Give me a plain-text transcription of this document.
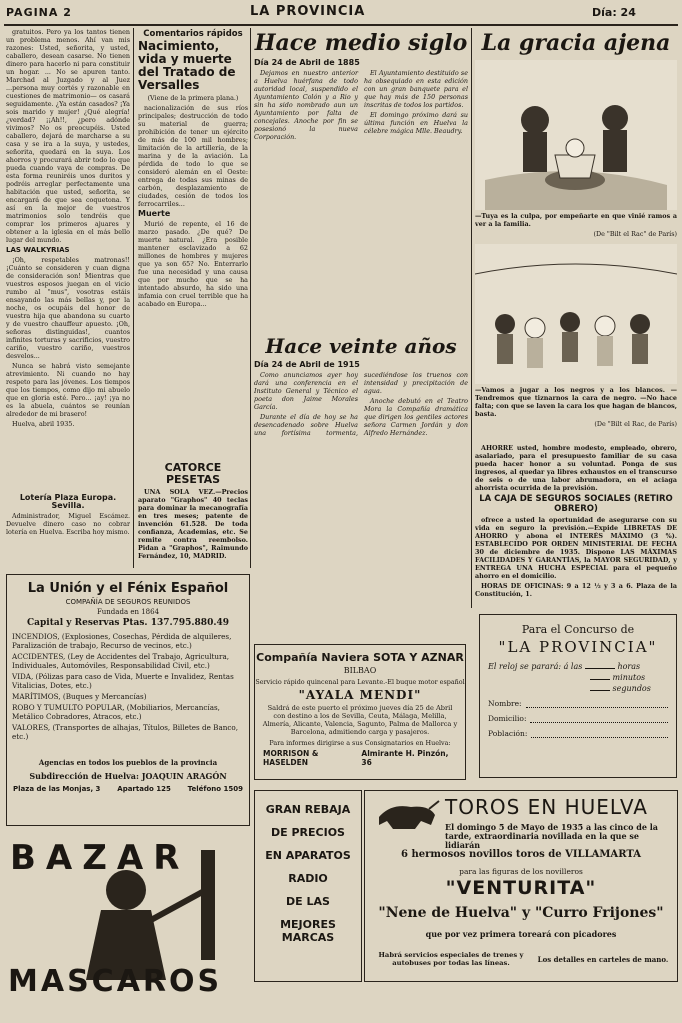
PAGINA 2	LA PROVINCIA	Día: 24

gratuitos. Pero ya los tantos tienen un problema menos. Ahí van mis razones: Usted, señorita, y usted, caballero, desean casarse. No tienen dinero para hacerlo ni para constituir un hogar. ... No se apuren tanto. Marchad al Juzgado y al Juez ...persona muy cortés y razonable en cuestiones de matrimonio— os casará seguidamente. ¿Ya están casados? ¡Ya sois marido y mujer! ¿Qué alegría! ¿verdad? ¡¡Ah!!, ¿pero adónde vivimos? No os preocupéis. Usted caballero, dejará de marcharse a su casa y se ira a la suya, y ustedes, señorita, quedará en la suya. Los ahorros y procurará abrir todo lo que pueda cuando vaya de compras. De esta forma reuniréis unos duritos y podréis arreglar perfectamente una habitación que usted, señorita, se encargará de que sea coquetona. Y así en la mejor de vuestros matrimonios solo tendréis que comprar los primeros ajuares y obtener a la iglesia en el más bello lugar del mundo.

LAS WALKYRIAS

¡Oh, respetables matronas!! ¡Cuánto se consideren y cuan digna de consideración son! Mientras que vuestros esposos juegan en el vicio rumbo al "mus", vosotras estáis ensayando las más bellas y, por la noche, os ocupáis del honor de vuestra hija que abandona su cuarto y de vuestro chauffeur apuesto. ¡Oh, señoras distinguidas!, cuantos infinites torturas y sacrificios, vuestro cariño, vuestro cariño, vuestros desvelos...

Nunca se habrá visto semejante atrevimiento. Ni cuando no hay respeto para las jóvenes. Los tiempos que los tiempos, como dijo mi abuelo que en gloria esté. Pero... ¡ay! ¡ya no es la abuela, cuántos se reunían alrededor de mi brasero!

Huelva, abril 1935.

Lotería Plaza Europa. Sevilla.

Administrador, Miguel Escámez. Devuelve dinero caso no cobrar lotería en Huelva. Escriba hoy mismo.

Comentarios rápidos
Nacimiento, vida y muerte del Tratado de Versalles

(Viene de la primera plana.)

nacionalización de sus ríos principales; destrucción de todo su material de guerra; prohibición de tener un ejército de más de 100 mil hombres; limitación de la artillería, de la marina y de la aviación. La pérdida de todo lo que se consideró alemán en el Oeste: entrega de todas sus minas de carbón, desplazamiento de ciudades, cesión de todos los ferrocarriles...

Muerte

Murió de repente, el 16 de marzo pasado. ¿De qué? De muerte natural. ¿Era posible mantener esclavizado a 62 millones de hombres y mujeres que ya son 65? No. Enterrarlo fue una necesidad y una causa que por mucho que se ha intentado absurdo, ha sido una infamia con cruel terrible que ha acabado en Europa...

CATORCE PESETAS

UNA SOLA VEZ.—Precios aparato "Graphos" 40 teclas para dominar la mecanografía en tres meses; patente de invención 61.528. De toda confianza, Academias, etc. Se remite contra reembolso. Pidan a "Graphos", Raimundo Fernández, 10, MADRID.

Hace medio siglo
Día 24 de Abril de 1885

Dejamos en nuestro anterior a Huelva huérfana de todo autoridad local, suspendido el Ayuntamiento Colón y a Rio y sin ha sido nombrado aun un Ayuntamiento por falta de concejales. Anoche por fin se posesionó la nueva Corporación.

El Ayuntamiento destituido se ha obsequiado en esta edición con un gran banquete para el que hay más de 150 personas inscritas de todos los partidos.

El domingo próximo dará su última función en Huelva la célebre mágica Mlle. Beaudry.

Hace veinte años
Día 24 de Abril de 1915

Como anunciamos ayer hoy dará una conferencia en el Instituto General y Técnico el poeta don Jaime Morales García.

Durante el día de hoy se ha desencadenado sobre Huelva una fortísima tormenta, sucediéndose los truenos con intensidad y precipitación de agua.

Anoche debutó en el Teatro Mora la Compañía dramática que dirigen los gentiles actores señora Carmen Jordán y don Alfredo Hernández.

La gracia ajena
—Tuya es la culpa, por empeñarte en que vinié ramos a ver a la familia.
(De "Bilt el Rac" de París)
—Vamos a jugar a los negros y a los blancos. —Tendremos que tiznarnos la cara de negro. —No hace falta; con que se laven la cara los que hagan de blancos, basta.
(De "Bilt el Rac, de París)

AHORRE usted, hombre modesto, empleado, obrero, asalariado, para el presupuesto familiar de su casa pueda hacer honor a su voluntad. Ponga de sus ingresos, al quedar ya libres exhaustos en el transcurso de seis o de una labor abrumadora, en el aciaga ahorrista ocurrida de la previsión.

LA CAJA DE SEGUROS SOCIALES (RETIRO OBRERO)

ofrece a usted la oportunidad de asegurarse con su vida en seguro la previsión.—Expide LIBRETAS DE AHORRO y abona el INTERÉS MÁXIMO (3 %). ESTABLECIDO POR ORDEN MINISTERIAL DE FECHA 30 de diciembre de 1935. Dispone LAS MÁXIMAS FACILIDADES Y GARANTÍAS, la MAYOR SEGURIDAD, y ENTREGA UNA HUCHA ESPECIAL para el pequeño ahorro en el domicilio.

HORAS DE OFICINAS: 9 a 12 ½ y 3 a 6. Plaza de la Constitución, 1.

La Unión y el Fénix Español
COMPAÑÍA DE SEGUROS REUNIDOS
Fundada en 1864
Capital y Reservas Ptas. 137.795.880.49

INCENDIOS, (Explosiones, Cosechas, Pérdida de alquileres, Paralización de trabajo, Recurso de vecinos, etc.)

ACCIDENTES, (Ley de Accidentes del Trabajo, Agricultura, Individuales, Automóviles, Responsabilidad Civil, etc.)

VIDA, (Pólizas para caso de Vida, Muerte e Invalidez, Rentas Vitalicias, Dotes, etc.)

MARÍTIMOS, (Buques y Mercancías)

ROBO Y TUMULTO POPULAR, (Mobiliarios, Mercancías, Metálico Cobradores, Atracos, etc.)

VALORES, (Transportes de alhajas, Títulos, Billetes de Banco, etc.)

Agencias en todos los pueblos de la provincia
Subdirección de Huelva: JOAQUIN ARAGÓN
Plaza de las Monjas, 3 Apartado 125 Teléfono 1509
Compañía Naviera SOTA Y AZNAR
BILBAO
Servicio rápido quincenal para Levante.-El buque motor español
"AYALA MENDI"
Saldrá de este puerto el próximo jueves día 25 de Abril con destino a los de Sevilla, Ceuta, Málaga, Melilla, Almería, Alicante, Valencia, Sagunto, Palma de Mallorca y Barcelona, admitiendo carga y pasajeros.
Para informes dirigirse a sus Consignatarios en Huelva:
MORRISON & HASELDEN
Almirante H. Pinzón, 36
Para el Concurso de
"LA PROVINCIA"
El reloj se parará: á las	horas
minutos
segundos
Nombre:
Domicilio:
Población:
BAZAR
MASCAROS
GRAN REBAJA
DE PRECIOS
EN APARATOS
RADIO
DE LAS
MEJORES MARCAS
TOROS EN HUELVA
El domingo 5 de Mayo de 1935 a las cinco de la tarde, extraordinaria novillada en la que se lidiarán
6 hermosos novillos toros de VILLAMARTA
para las figuras de los novilleros
"VENTURITA"
"Nene de Huelva" y "Curro Frijones"
que por vez primera toreará con picadores
Habrá servicios especiales de trenes y autobuses por todas las líneas.	Los detalles en carteles de mano.
